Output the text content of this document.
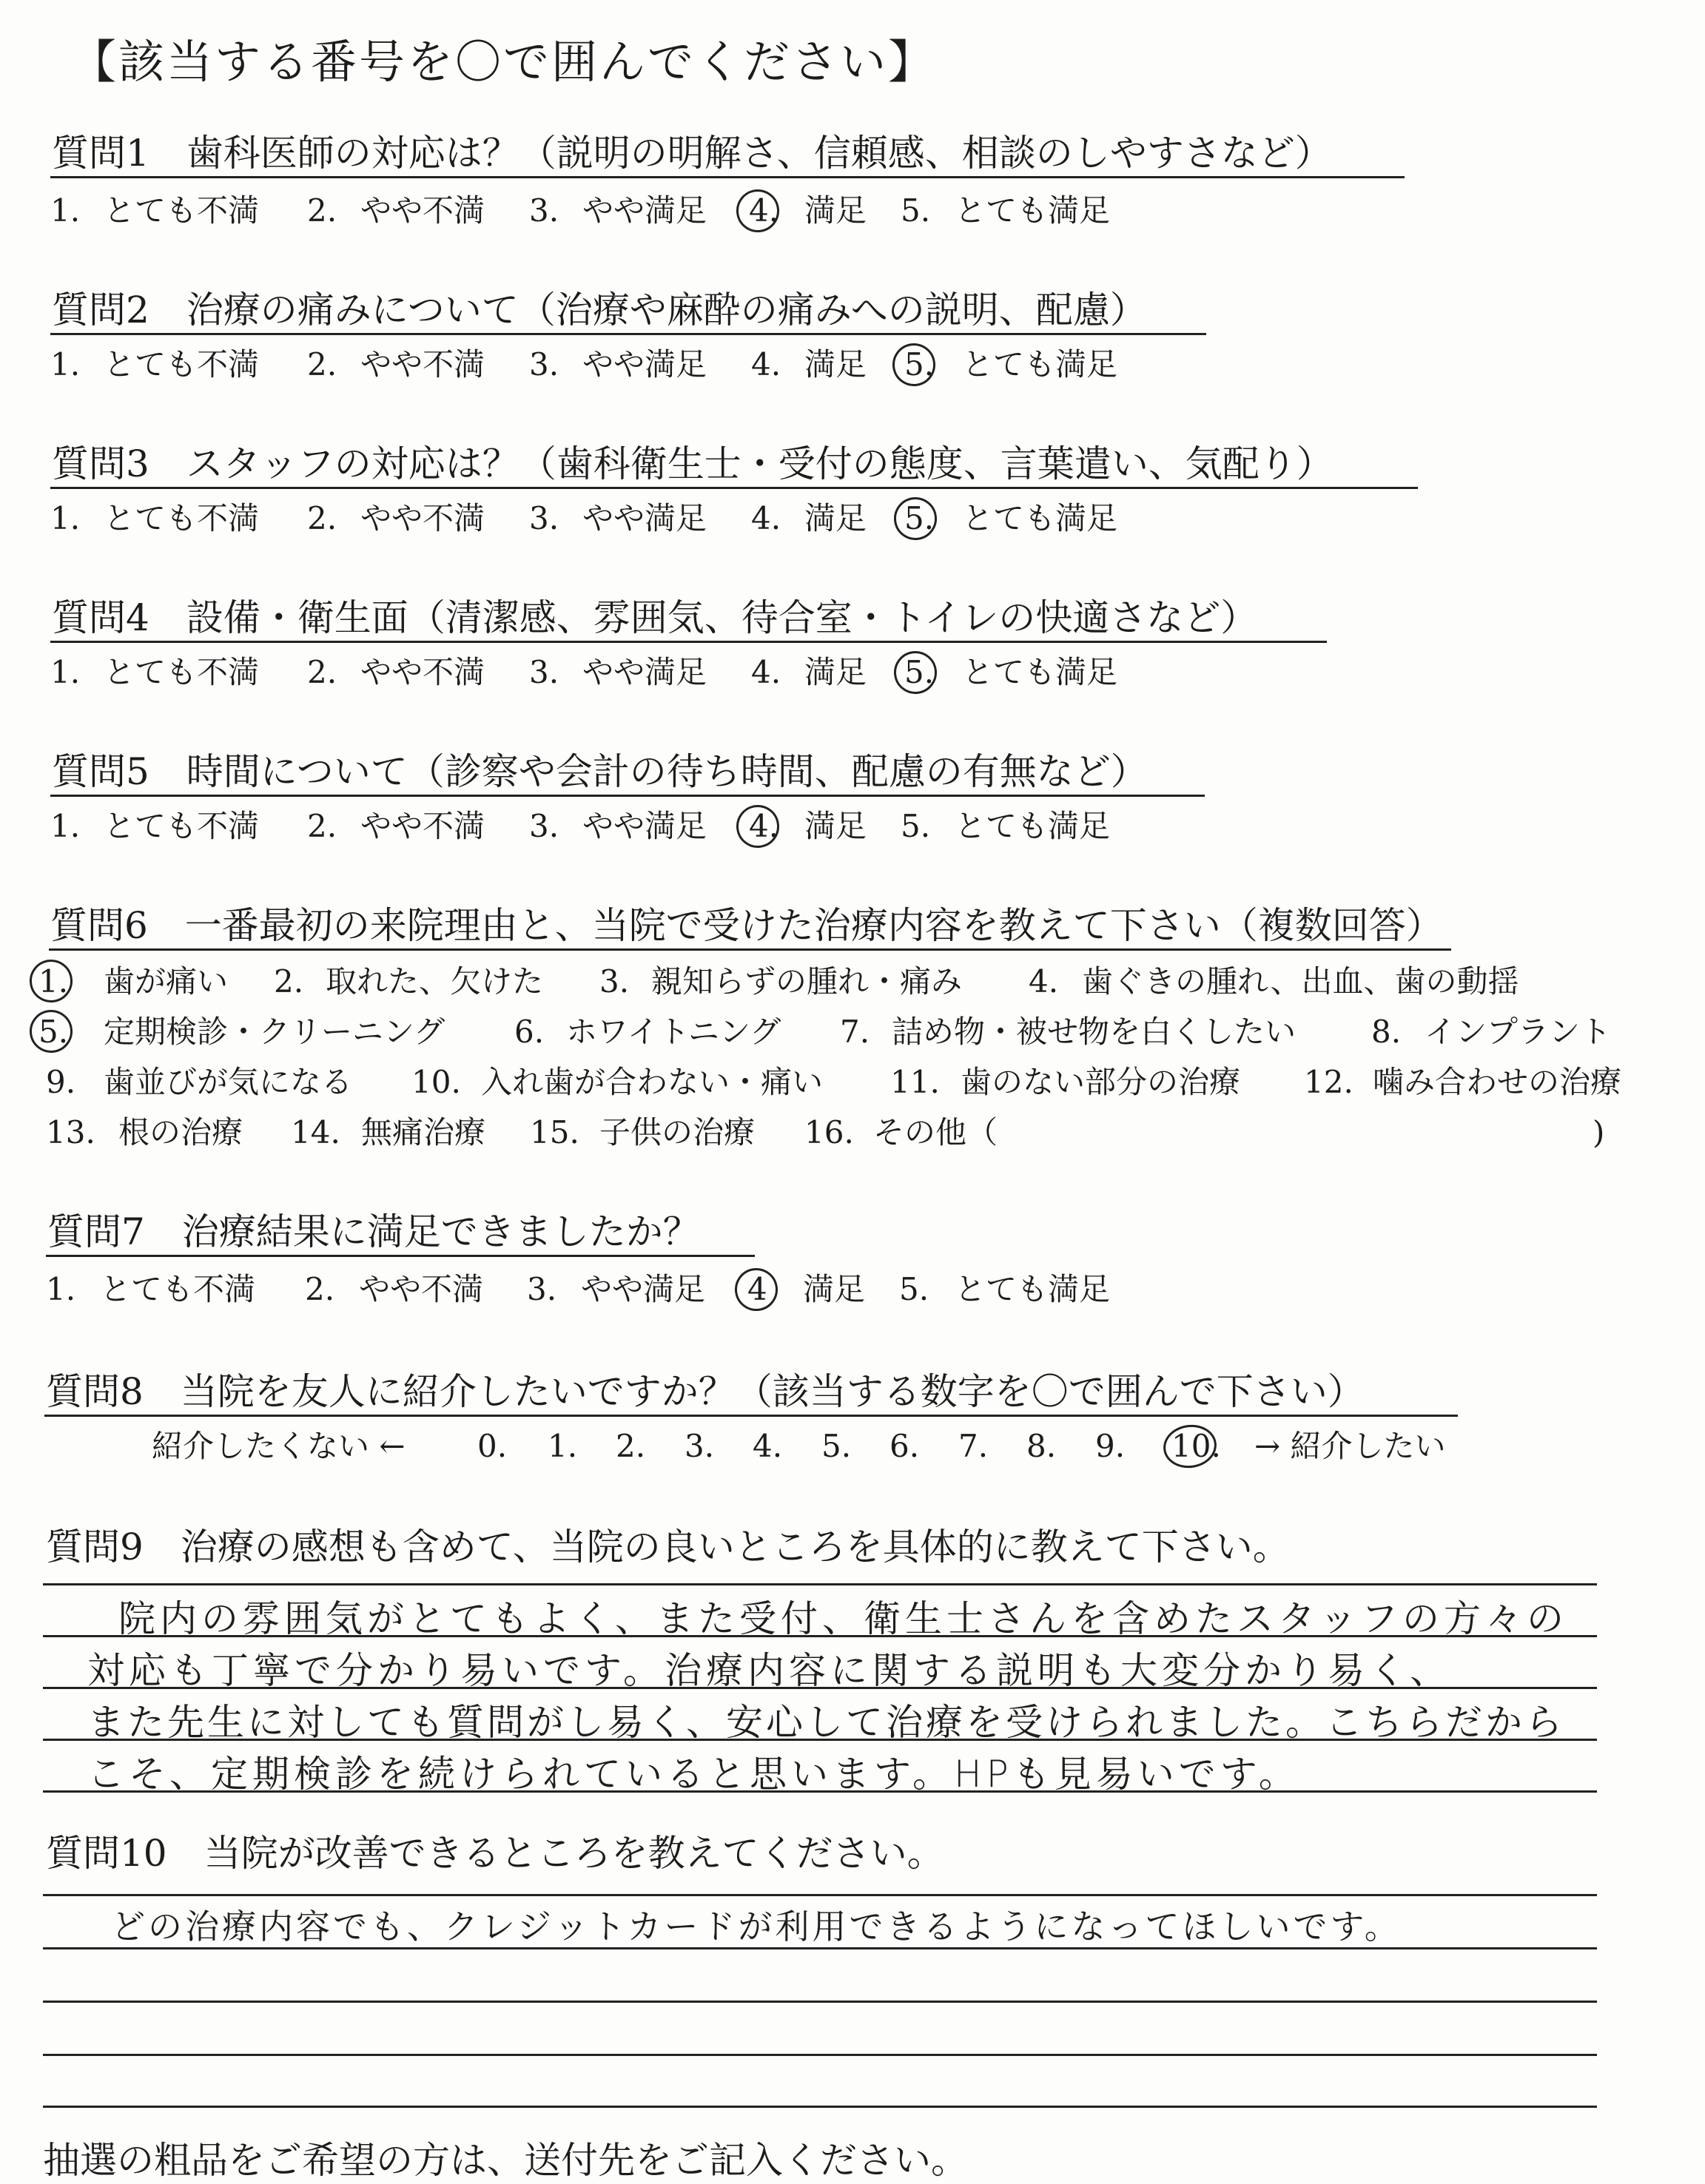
【該当する番号を〇で囲んでください】
質問1　歯科医師の対応は？（説明の明解さ、信頼感、相談のしやすさなど）
1. とても不満 2. やや不満 3. やや満足 4. 満足 5. とても満足
質問2　治療の痛みについて（治療や麻酔の痛みへの説明、配慮）
1. とても不満 2. やや不満 3. やや満足 4. 満足 5. とても満足
質問3　スタッフの対応は？（歯科衛生士・受付の態度、言葉遣い、気配り）
1. とても不満 2. やや不満 3. やや満足 4. 満足 5. とても満足
質問4　設備・衛生面（清潔感、雰囲気、待合室・トイレの快適さなど）
1. とても不満 2. やや不満 3. やや満足 4. 満足 5. とても満足
質問5　時間について（診察や会計の待ち時間、配慮の有無など）
1. とても不満 2. やや不満 3. やや満足 4. 満足 5. とても満足
質問6　一番最初の来院理由と、当院で受けた治療内容を教えて下さい（複数回答）
1. 歯が痛い 2. 取れた、欠けた 3. 親知らずの腫れ・痛み 4. 歯ぐきの腫れ、出血、歯の動揺
5. 定期検診・クリーニング 6. ホワイトニング 7. 詰め物・被せ物を白くしたい 8. インプラント
9. 歯並びが気になる 10. 入れ歯が合わない・痛い 11. 歯のない部分の治療 12. 噛み合わせの治療
13. 根の治療 14. 無痛治療 15. 子供の治療 16. その他（	)
質問7　治療結果に満足できましたか？
1. とても不満 2. やや不満 3. やや満足 4 満足 5. とても満足
質問8　当院を友人に紹介したいですか？（該当する数字を〇で囲んで下さい）
紹介したくない ← 0. 1. 2. 3. 4. 5. 6. 7. 8. 9. 10. → 紹介したい
質問9　治療の感想も含めて、当院の良いところを具体的に教えて下さい。
院内の雰囲気がとてもよく、また受付、衛生士さんを含めたスタッフの方々の
対応も丁寧で分かり易いです。治療内容に関する説明も大変分かり易く、
また先生に対しても質問がし易く、安心して治療を受けられました。こちらだから
こそ、定期検診を続けられていると思います。HPも見易いです。
質問10　当院が改善できるところを教えてください。
どの治療内容でも、クレジットカードが利用できるようになってほしいです。
抽選の粗品をご希望の方は、送付先をご記入ください。
